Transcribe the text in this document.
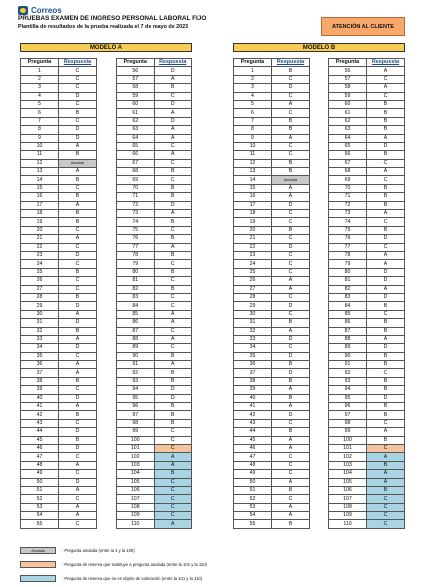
Correos
PRUEBAS EXAMEN DE INGRESO PERSONAL LABORAL FIJO
Plantilla de resultados de la prueba realizada el 7 de mayo de 2023	ATENCIÓN AL CLIENTE
MODELO A	MODELO B
Pregunta	Respuesta
1	C
2	C
3	C
4	D
5	C
6	B
7	C
8	D
9	D
10	A
11	B
12	Anulada
13	A
14	B
15	C
16	B
17	A
18	B
19	B
20	C
21	A
22	C
23	D
24	C
25	B
26	C
27	C
28	B
29	D
30	A
31	D
32	B
33	A
34	D
35	C
36	A
37	A
38	B
39	C
40	D
41	A
42	B
43	C
44	D
45	B
46	D
47	C
48	A
49	C
50	D
51	A
52	C
53	A
54	A
55	C
Pregunta	Respuesta
56	D
57	A
58	B
59	C
60	D
61	A
62	D
63	A
64	A
65	C
66	A
67	C
68	B
69	C
70	B
71	B
72	D
73	A
74	B
75	C
76	B
77	A
78	B
79	C
80	B
81	C
82	B
83	C
84	C
85	A
86	A
87	C
88	A
89	C
90	B
91	A
92	B
93	B
94	D
95	D
96	B
97	B
98	B
99	C
100	C
101	C
102	A
103	A
104	B
105	C
106	C
107	C
108	C
109	C
110	A
Pregunta	Respuesta
1	B
2	C
3	D
4	C
5	A
6	C
7	B
8	B
9	A
10	C
11	C
12	B
13	B
14	Anulada
15	A
16	A
17	D
18	C
19	C
20	B
21	C
22	D
23	C
24	C
25	C
26	A
27	A
28	C
29	D
30	C
31	B
32	A
33	D
34	C
35	D
36	B
37	D
38	B
39	A
40	B
41	A
42	D
43	C
44	B
45	A
46	A
47	C
48	C
49	C
50	A
51	B
52	C
53	A
54	A
55	B
Pregunta	Respuesta
56	A
57	C
58	A
59	C
60	B
61	B
62	B
63	B
64	A
65	D
66	B
67	C
68	A
69	C
70	B
71	B
72	B
73	A
74	C
75	B
76	D
77	C
78	A
79	A
80	D
81	D
82	A
83	D
84	B
85	C
86	B
87	B
88	A
89	D
90	B
91	B
92	C
93	B
94	B
95	D
96	B
97	B
98	C
99	A
100	B
101	C
102	A
103	B
104	A
105	A
106	B
107	C
108	C
109	C
110	C
Anulada	: Pregunta anulada (entre la 1 y la 100)
: Pregunta de reserva que sustituye a pregunta anulada (entre la 101 y la 110)
: Pregunta de reserva que no es objeto de valoración (entre la 101 y la 110)
